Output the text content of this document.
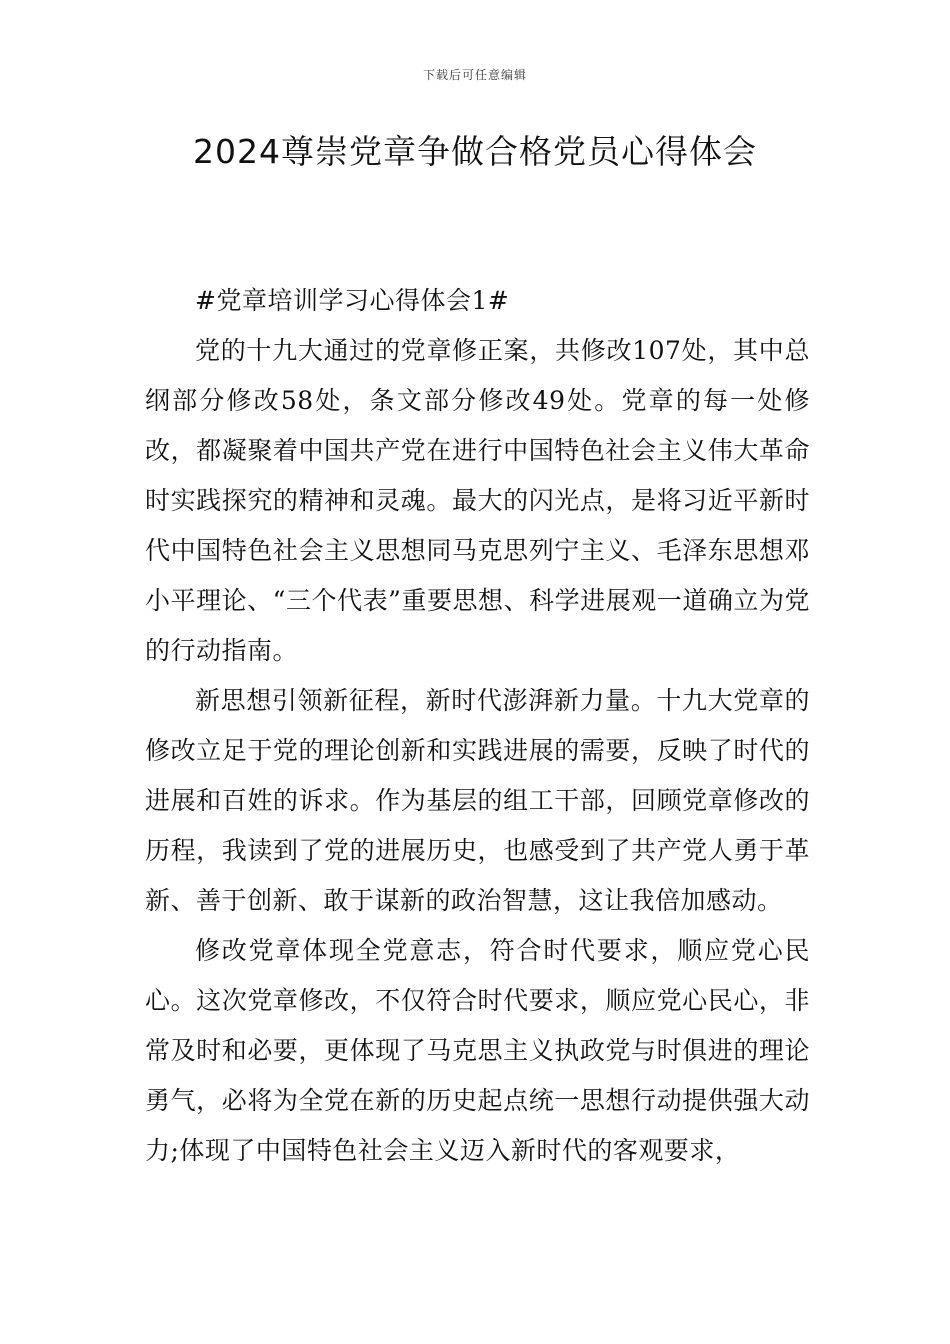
下载后可任意编辑
2024尊崇党章争做合格党员心得体会

#党章培训学习心得体会1#

党的十九大通过的党章修正案，共修改107处，其中总纲部分修改58处，条文部分修改49处。党章的每一处修改，都凝聚着中国共产党在进行中国特色社会主义伟大革命时实践探究的精神和灵魂。最大的闪光点，是将习近平新时代中国特色社会主义思想同马克思列宁主义、毛泽东思想邓小平理论、“三个代表”重要思想、科学进展观一道确立为党的行动指南。

新思想引领新征程，新时代澎湃新力量。十九大党章的修改立足于党的理论创新和实践进展的需要，反映了时代的进展和百姓的诉求。作为基层的组工干部，回顾党章修改的历程，我读到了党的进展历史，也感受到了共产党人勇于革新、善于创新、敢于谋新的政治智慧，这让我倍加感动。

修改党章体现全党意志，符合时代要求，顺应党心民心。这次党章修改，不仅符合时代要求，顺应党心民心，非常及时和必要，更体现了马克思主义执政党与时俱进的理论勇气，必将为全党在新的历史起点统一思想行动提供强大动力;体现了中国特色社会主义迈入新时代的客观要求，
